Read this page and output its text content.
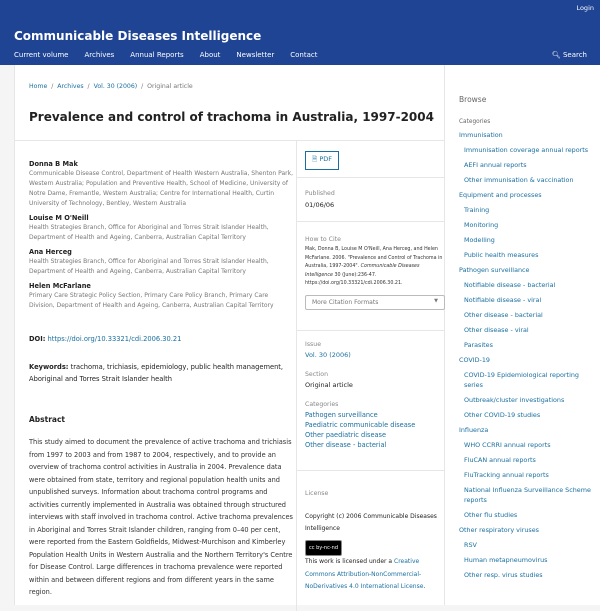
Login
Communicable Diseases Intelligence
Current volume Archives Annual Reports About Newsletter Contact	🔍︎ Search
Home  /  Archives  /  Vol. 30 (2006)  /  Original article
Prevalence and control of trachoma in Australia, 1997-2004
Donna B Mak
Communicable Disease Control, Department of Health Western Australia, Shenton Park, Western Australia; Population and Preventive Health, School of Medicine, University of Notre Dame, Fremantle, Western Australia; Centre for International Health, Curtin University of Technology, Bentley, Western Australia
Louise M O'Neill
Health Strategies Branch, Office for Aboriginal and Torres Strait Islander Health, Department of Health and Ageing, Canberra, Australian Capital Territory
Ana Herceg
Health Strategies Branch, Office for Aboriginal and Torres Strait Islander Health, Department of Health and Ageing, Canberra, Australian Capital Territory
Helen McFarlane
Primary Care Strategic Policy Section, Primary Care Policy Branch, Primary Care Division, Department of Health and Ageing, Canberra, Australian Capital Territory
DOI: https://doi.org/10.33321/cdi.2006.30.21
Keywords: trachoma, trichiasis, epidemiology, public health management, Aboriginal and Torres Strait Islander health
Abstract
This study aimed to document the prevalence of active trachoma and trichiasis from 1997 to 2003 and from 1987 to 2004, respectively, and to provide an overview of trachoma control activities in Australia in 2004. Prevalence data were obtained from state, territory and regional population health units and unpublished surveys. Information about trachoma control programs and activities currently implemented in Australia was obtained through structured interviews with staff involved in trachoma control. Active trachoma prevalences in Aboriginal and Torres Strait Islander children, ranging from 0–40 per cent, were reported from the Eastern Goldfields, Midwest-Murchison and Kimberley Population Health Units in Western Australia and the Northern Territory's Centre for Disease Control. Large differences in trachoma prevalence were reported within and between different regions and from different years in the same region.
🗎︎ PDF
Published
01/06/06
How to Cite
Mak, Donna B, Louise M O'Neill, Ana Herceg, and Helen McFarlane. 2006. "Prevalence and Control of Trachoma in Australia, 1997-2004". Communicable Diseases Intelligence 30 (June):236-47. https://doi.org/10.33321/cdi.2006.30.21.
More Citation Formats	▼
Issue
Vol. 30 (2006)
Section
Original article
Categories
Pathogen surveillance
Paediatric communicable disease
Other paediatric disease
Other disease - bacterial
License
Copyright (c) 2006 Communicable Diseases Intelligence
cc by-nc-nd
This work is licensed under a Creative Commons Attribution-NonCommercial-NoDerivatives 4.0 International License.
Browse
Categories
Immunisation
Immunisation coverage annual reports
AEFI annual reports
Other immunisation & vaccination
Equipment and processes
Training
Monitoring
Modelling
Public health measures
Pathogen surveillance
Notifiable disease - bacterial
Notifiable disease - viral
Other disease - bacterial
Other disease - viral
Parasites
COVID-19
COVID-19 Epidemiological reporting series
Outbreak/cluster investigations
Other COVID-19 studies
Influenza
WHO CCRRI annual reports
FluCAN annual reports
FluTracking annual reports
National Influenza Surveillance Scheme reports
Other flu studies
Other respiratory viruses
RSV
Human metapneumovirus
Other resp. virus studies
